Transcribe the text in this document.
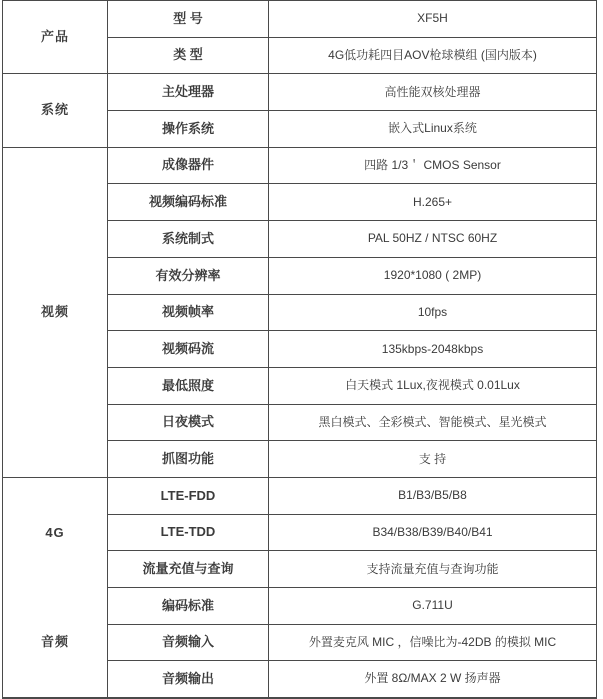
产品	型 号	XF5H
	类 型	4G低功耗四目AOV枪球模组 (国内版本)
系统	主处理器	高性能双核处理器
	操作系统	嵌入式Linux系统
视频	成像器件	四路 1/3＇ CMOS Sensor
	视频编码标准	H.265+
	系统制式	PAL 50HZ / NTSC 60HZ
	有效分辨率	1920*1080 ( 2MP)
	视频帧率	10fps
	视频码流	135kbps-2048kbps
	最低照度	白天模式 1Lux,夜视模式 0.01Lux
	日夜模式	黑白模式、全彩模式、智能模式、星光模式
	抓图功能	支 持
4G	LTE-FDD	B1/B3/B5/B8
	LTE-TDD	B34/B38/B39/B40/B41
	流量充值与查询	支持流量充值与查询功能
音频	编码标准	G.711U
	音频输入	外置麦克风 MIC ，信噪比为-42DB 的模拟 MIC
	音频输出	外置 8Ω/MAX 2 W 扬声器
